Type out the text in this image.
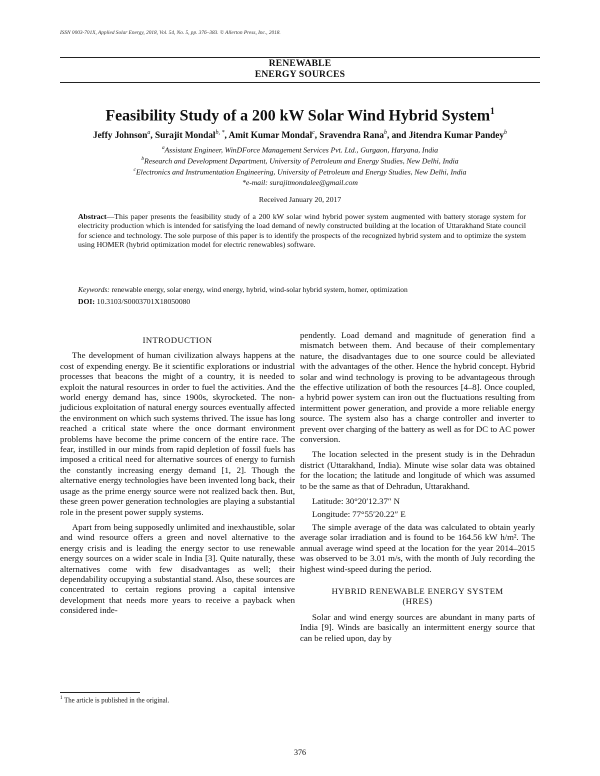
ISSN 0003-701X, Applied Solar Energy, 2018, Vol. 54, No. 5, pp. 376–383. © Allerton Press, Inc., 2018.
RENEWABLE
ENERGY SOURCES
Feasibility Study of a 200 kW Solar Wind Hybrid System$^1$
Jeffy Johnson$^a$, Surajit Mondal$^{b, *}$, Amit Kumar Mondal$^c$, Sravendra Rana$^b$, and Jitendra Kumar Pandey$^b$
$^a$Assistant Engineer, WinDForce Management Services Pvt. Ltd., Gurgaon, Haryana, India
$^b$Research and Development Department, University of Petroleum and Energy Studies, New Delhi, India
$^c$Electronics and Instrumentation Engineering, University of Petroleum and Energy Studies, New Delhi, India
*e-mail: surajitmondalee@gmail.com
Received January 20, 2017
Abstract—This paper presents the feasibility study of a 200 kW solar wind hybrid power system augmented with battery storage system for electricity production which is intended for satisfying the load demand of newly constructed building at the location of Uttarakhand State council for science and technology. The sole purpose of this paper is to identify the prospects of the recognized hybrid system and to optimize the system using HOMER (hybrid optimization model for electric renewables) software.
Keywords: renewable energy, solar energy, wind energy, hybrid, wind-solar hybrid system, homer, optimization
DOI: 10.3103/S0003701X18050080
INTRODUCTION

The development of human civilization always happens at the cost of expending energy. Be it scientific explorations or industrial processes that beacons the might of a country, it is needed to exploit the natural resources in order to fuel the activities. And the world energy demand has, since 1900s, skyrocketed. The non-judicious exploitation of natural energy sources eventually affected the environment on which such systems thrived. The issue has long reached a critical state where the once dormant environment problems have become the prime concern of the entire race. The fear, instilled in our minds from rapid depletion of fossil fuels has imposed a critical need for alternative sources of energy to furnish the constantly increasing energy demand [1, 2]. Though the alternative energy technologies have been invented long back, their usage as the prime energy source were not realized back then. But, these green power generation technologies are playing a substantial role in the present power supply systems.

Apart from being supposedly unlimited and inexhaustible, solar and wind resource offers a green and novel alternative to the energy crisis and is leading the energy sector to use renewable energy sources on a wider scale in India [3]. Quite naturally, these alternatives come with few disadvantages as well; their dependability occupying a substantial stand. Also, these sources are concentrated to certain regions proving a capital intensive development that needs more years to receive a payback when considered inde-

pendently. Load demand and magnitude of generation find a mismatch between them. And because of their complementary nature, the disadvantages due to one source could be alleviated with the advantages of the other. Hence the hybrid concept. Hybrid solar and wind technology is proving to be advantageous through the effective utilization of both the resources [4–8]. Once coupled, a hybrid power system can iron out the fluctuations resulting from intermittent power generation, and provide a more reliable energy source. The system also has a charge controller and inverter to prevent over charging of the battery as well as for DC to AC power conversion.

The location selected in the present study is in the Dehradun district (Uttarakhand, India). Minute wise solar data was obtained for the location; the latitude and longitude of which was assumed to be the same as that of Dehradun, Uttarakhand.

Latitude: 30°20′12.37″ N
Longitude: 77°55′20.22″ E

The simple average of the data was calculated to obtain yearly average solar irradiation and is found to be 164.56 kW h/m². The annual average wind speed at the location for the year 2014–2015 was observed to be 3.01 m/s, with the month of July recording the highest wind-speed during the period.

HYBRID RENEWABLE ENERGY SYSTEM
(HRES)

Solar and wind energy sources are abundant in many parts of India [9]. Winds are basically an intermittent energy source that can be relied upon, day by

$^1$ The article is published in the original.
376
